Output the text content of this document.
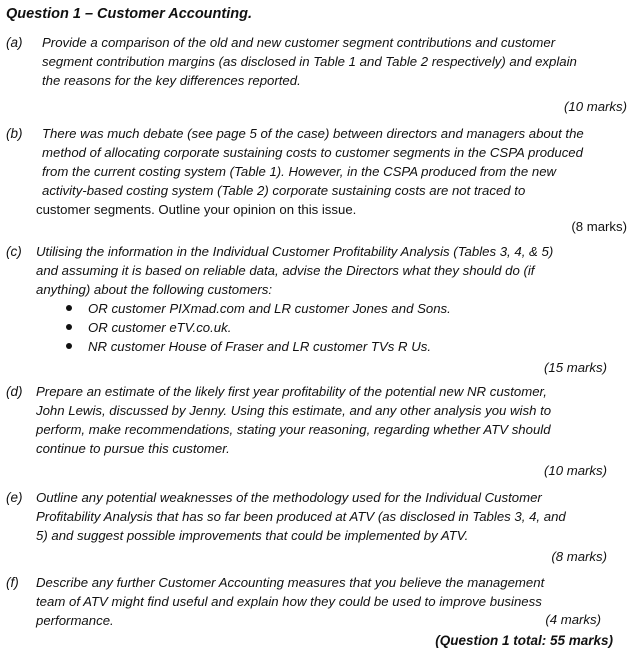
Question 1 – Customer Accounting.
(a) Provide a comparison of the old and new customer segment contributions and customer
segment contribution margins (as disclosed in Table 1 and Table 2 respectively) and explain
the reasons for the key differences reported.
(10 marks)
(b) There was much debate (see page 5 of the case) between directors and managers about the
method of allocating corporate sustaining costs to customer segments in the CSPA produced
from the current costing system (Table 1). However, in the CSPA produced from the new
activity-based costing system (Table 2) corporate sustaining costs are not traced to
customer segments. Outline your opinion on this issue.
(8 marks)
(c) Utilising the information in the Individual Customer Profitability Analysis (Tables 3, 4, & 5)
and assuming it is based on reliable data, advise the Directors what they should do (if
anything) about the following customers:
OR customer PIXmad.com and LR customer Jones and Sons.
OR customer eTV.co.uk.
NR customer House of Fraser and LR customer TVs R Us.
(15 marks)
(d) Prepare an estimate of the likely first year profitability of the potential new NR customer,
John Lewis, discussed by Jenny. Using this estimate, and any other analysis you wish to
perform, make recommendations, stating your reasoning, regarding whether ATV should
continue to pursue this customer.
(10 marks)
(e) Outline any potential weaknesses of the methodology used for the Individual Customer
Profitability Analysis that has so far been produced at ATV (as disclosed in Tables 3, 4, and
5) and suggest possible improvements that could be implemented by ATV.
(8 marks)
(f) Describe any further Customer Accounting measures that you believe the management
team of ATV might find useful and explain how they could be used to improve business
performance.	(4 marks)
(Question 1 total: 55 marks)
